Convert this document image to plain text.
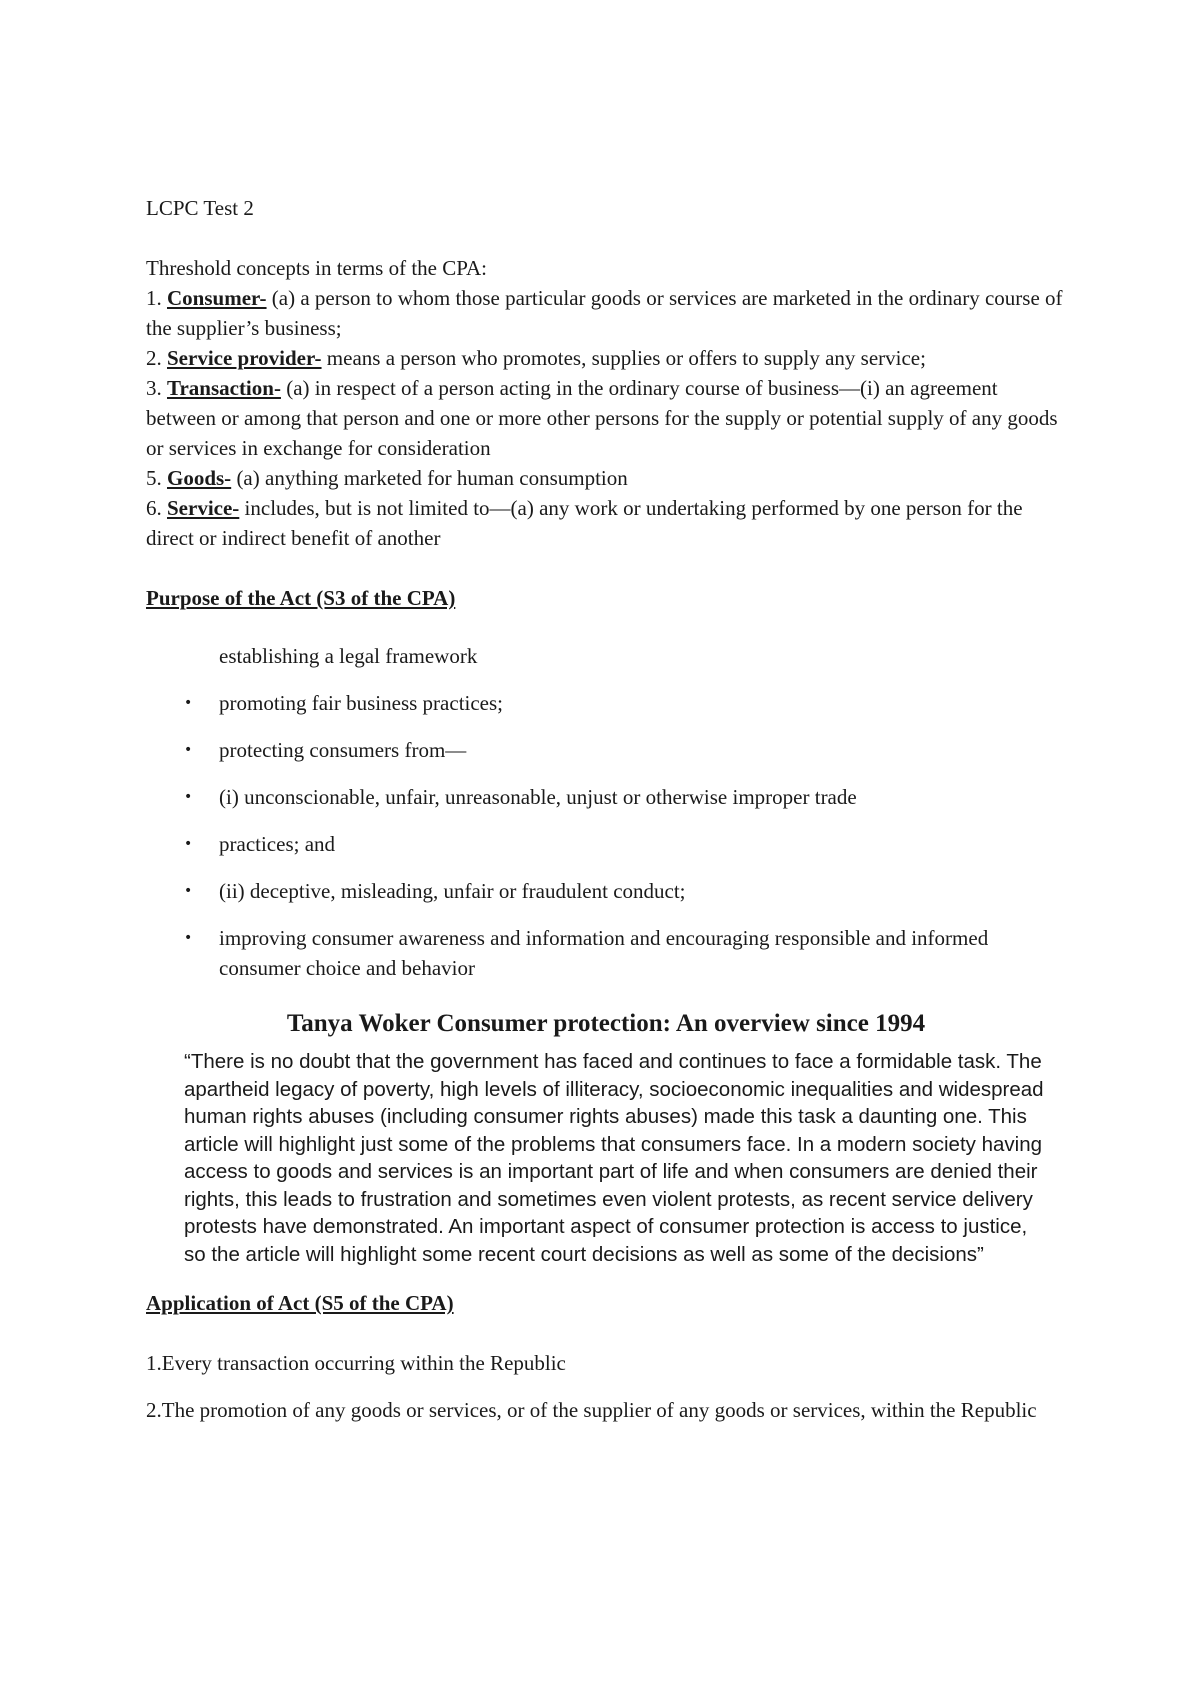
LCPC Test 2

Threshold concepts in terms of the CPA:

1. Consumer- (a) a person to whom those particular goods or services are marketed in the ordinary course of the supplier’s business;

2. Service provider- means a person who promotes, supplies or offers to supply any service;

3. Transaction- (a) in respect of a person acting in the ordinary course of business—(i) an agreement between or among that person and one or more other persons for the supply or potential supply of any goods or services in exchange for consideration

5. Goods- (a) anything marketed for human consumption

6. Service- includes, but is not limited to—(a) any work or undertaking performed by one person for the direct or indirect benefit of another

Purpose of the Act (S3 of the CPA)

establishing a legal framework

• promoting fair business practices;
• protecting consumers from—
• (i) unconscionable, unfair, unreasonable, unjust or otherwise improper trade
• practices; and
• (ii) deceptive, misleading, unfair or fraudulent conduct;
• improving consumer awareness and information and encouraging responsible and informed consumer choice and behavior

Tanya Woker Consumer protection: An overview since 1994

“There is no doubt that the government has faced and continues to face a formidable task. The apartheid legacy of poverty, high levels of illiteracy, socioeconomic inequalities and widespread human rights abuses (including consumer rights abuses) made this task a daunting one. This article will highlight just some of the problems that consumers face. In a modern society having access to goods and services is an important part of life and when consumers are denied their rights, this leads to frustration and sometimes even violent protests, as recent service delivery protests have demonstrated. An important aspect of consumer protection is access to justice, so the article will highlight some recent court decisions as well as some of the decisions”

Application of Act (S5 of the CPA)

1.Every transaction occurring within the Republic

2.The promotion of any goods or services, or of the supplier of any goods or services, within the Republic
